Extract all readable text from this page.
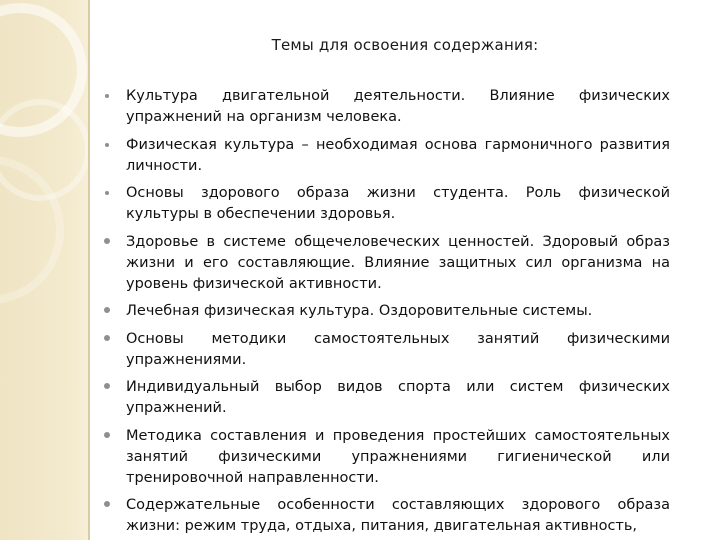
Темы для освоения содержания:
Культура двигательной деятельности. Влияние физических упражнений на организм человека.
Физическая культура – необходимая основа гармоничного развития личности.
Основы здорового образа жизни студента. Роль физической культуры в обеспечении здоровья.
Здоровье в системе общечеловеческих ценностей. Здоровый образ жизни и его составляющие. Влияние защитных сил организма на уровень физической активности.
Лечебная физическая культура. Оздоровительные системы.
Основы методики самостоятельных занятий физическими упражнениями.
Индивидуальный выбор видов спорта или систем физических упражнений.
Методика составления и проведения простейших самостоятельных занятий физическими упражнениями гигиенической или тренировочной направленности.
Содержательные особенности составляющих здорового образа жизни: режим труда, отдыха, питания, двигательная активность,
